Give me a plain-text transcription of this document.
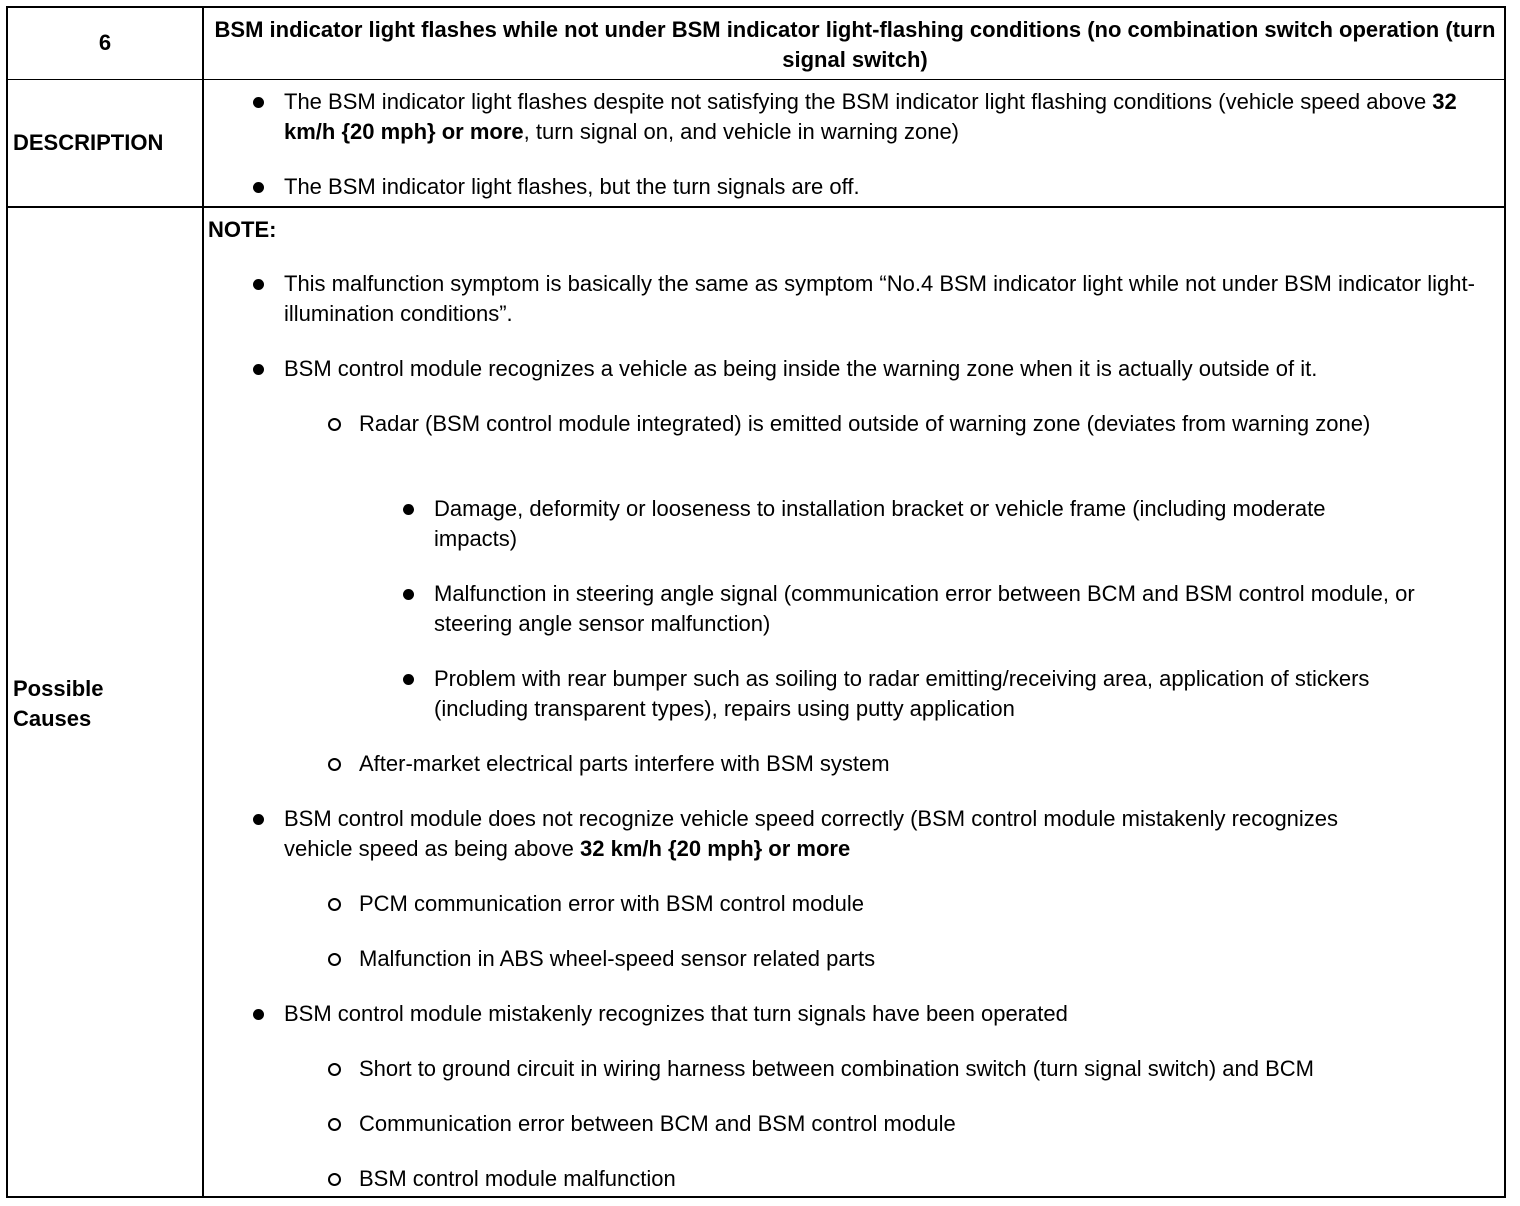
6
BSM indicator light flashes while not under BSM indicator light-flashing conditions (no combination switch operation (turn signal switch)
DESCRIPTION
The BSM indicator light flashes despite not satisfying the BSM indicator light flashing conditions (vehicle speed above 32 km/h {20 mph} or more, turn signal on, and vehicle in warning zone)
The BSM indicator light flashes, but the turn signals are off.
Possible Causes
NOTE:
This malfunction symptom is basically the same as symptom “No.4 BSM indicator light while not under BSM indicator light-illumination conditions”.
BSM control module recognizes a vehicle as being inside the warning zone when it is actually outside of it.
Radar (BSM control module integrated) is emitted outside of warning zone (deviates from warning zone)
Damage, deformity or looseness to installation bracket or vehicle frame (including moderate impacts)
Malfunction in steering angle signal (communication error between BCM and BSM control module, or steering angle sensor malfunction)
Problem with rear bumper such as soiling to radar emitting/receiving area, application of stickers (including transparent types), repairs using putty application
After-market electrical parts interfere with BSM system
BSM control module does not recognize vehicle speed correctly (BSM control module mistakenly recognizes vehicle speed as being above 32 km/h {20 mph} or more
PCM communication error with BSM control module
Malfunction in ABS wheel-speed sensor related parts
BSM control module mistakenly recognizes that turn signals have been operated
Short to ground circuit in wiring harness between combination switch (turn signal switch) and BCM
Communication error between BCM and BSM control module
BSM control module malfunction
